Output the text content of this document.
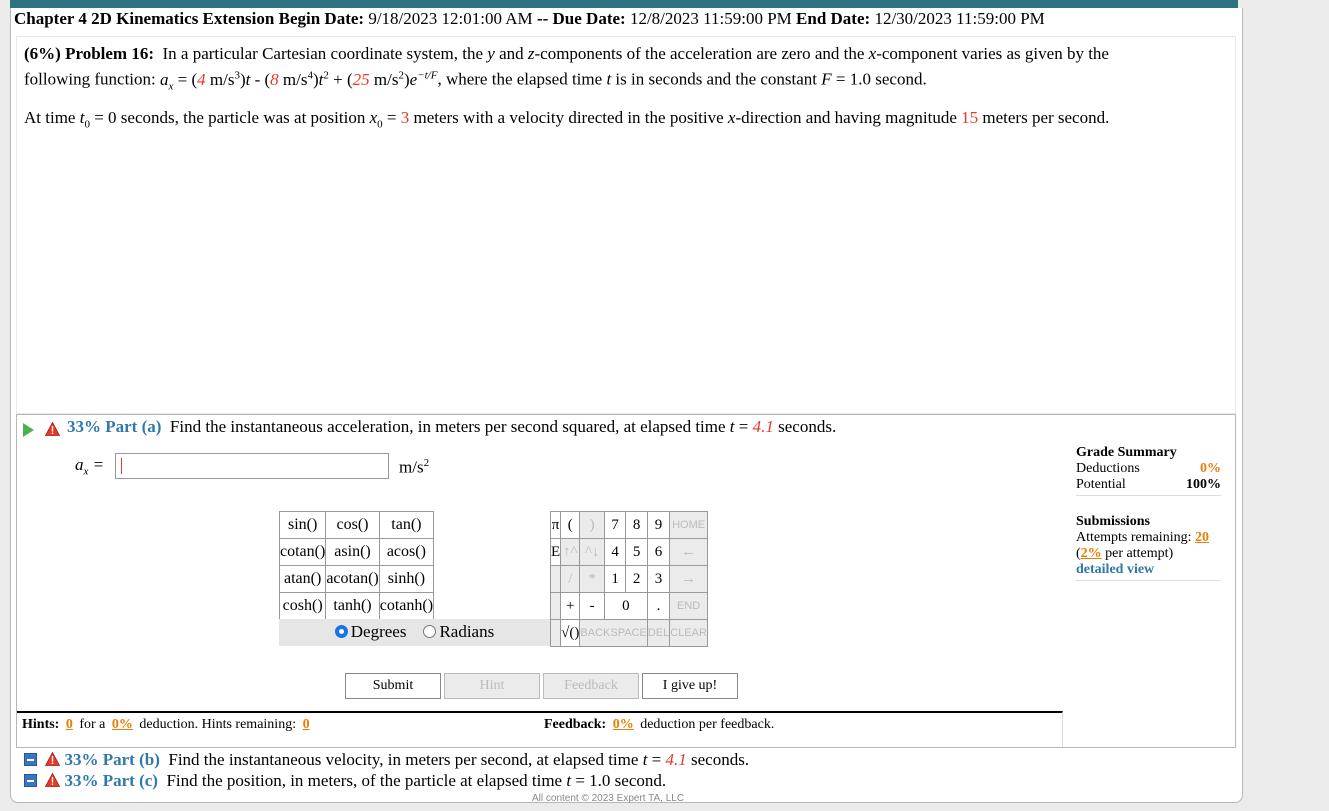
Chapter 4 2D Kinematics Extension Begin Date: 9/18/2023 12:01:00 AM -- Due Date: 12/8/2023 11:59:00 PM End Date: 12/30/2023 11:59:00 PM
(6%) Problem 16: In a particular Cartesian coordinate system, the y and z-components of the acceleration are zero and the x-component varies as given by the
following function: $a_x = (4$ $m/s^3)t - (8$ $m/s^4)t^2 + (25$ $m/s^2)e^{-t/F}$, where the elapsed time t is in seconds and the constant F = 1.0 second.
At time $t_0 = 0$ seconds, the particle was at position $x_0 = 3$ meters with a velocity directed in the positive x-direction and having magnitude 15 meters per second.
33% Part (a) Find the instantaneous acceleration, in meters per second squared, at elapsed time t = 4.1 seconds.
$a_x$ =	$m/s^2$
sin()	cos()	tan()
cotan()	asin()	acos()
atan()	acotan()	sinh()
cosh()	tanh()	cotanh()
Degrees Radians
π	(	)	7	8	9	HOME
E	↑^	^↓	4	5	6	←
	/	*	1	2	3	→
	+	-	0		.	END
	√()	BACKSPACE			DEL	CLEAR
Submit	Hint	Feedback	I give up!
Hints: 0 for a 0% deduction. Hints remaining: 0	Feedback: 0% deduction per feedback.
Grade Summary
Deductions	0%
Potential	100%
Submissions
Attempts remaining: 20
(2% per attempt)
detailed view
33% Part (b) Find the instantaneous velocity, in meters per second, at elapsed time t = 4.1 seconds.
33% Part (c) Find the position, in meters, of the particle at elapsed time t = 1.0 second.
All content © 2023 Expert TA, LLC
